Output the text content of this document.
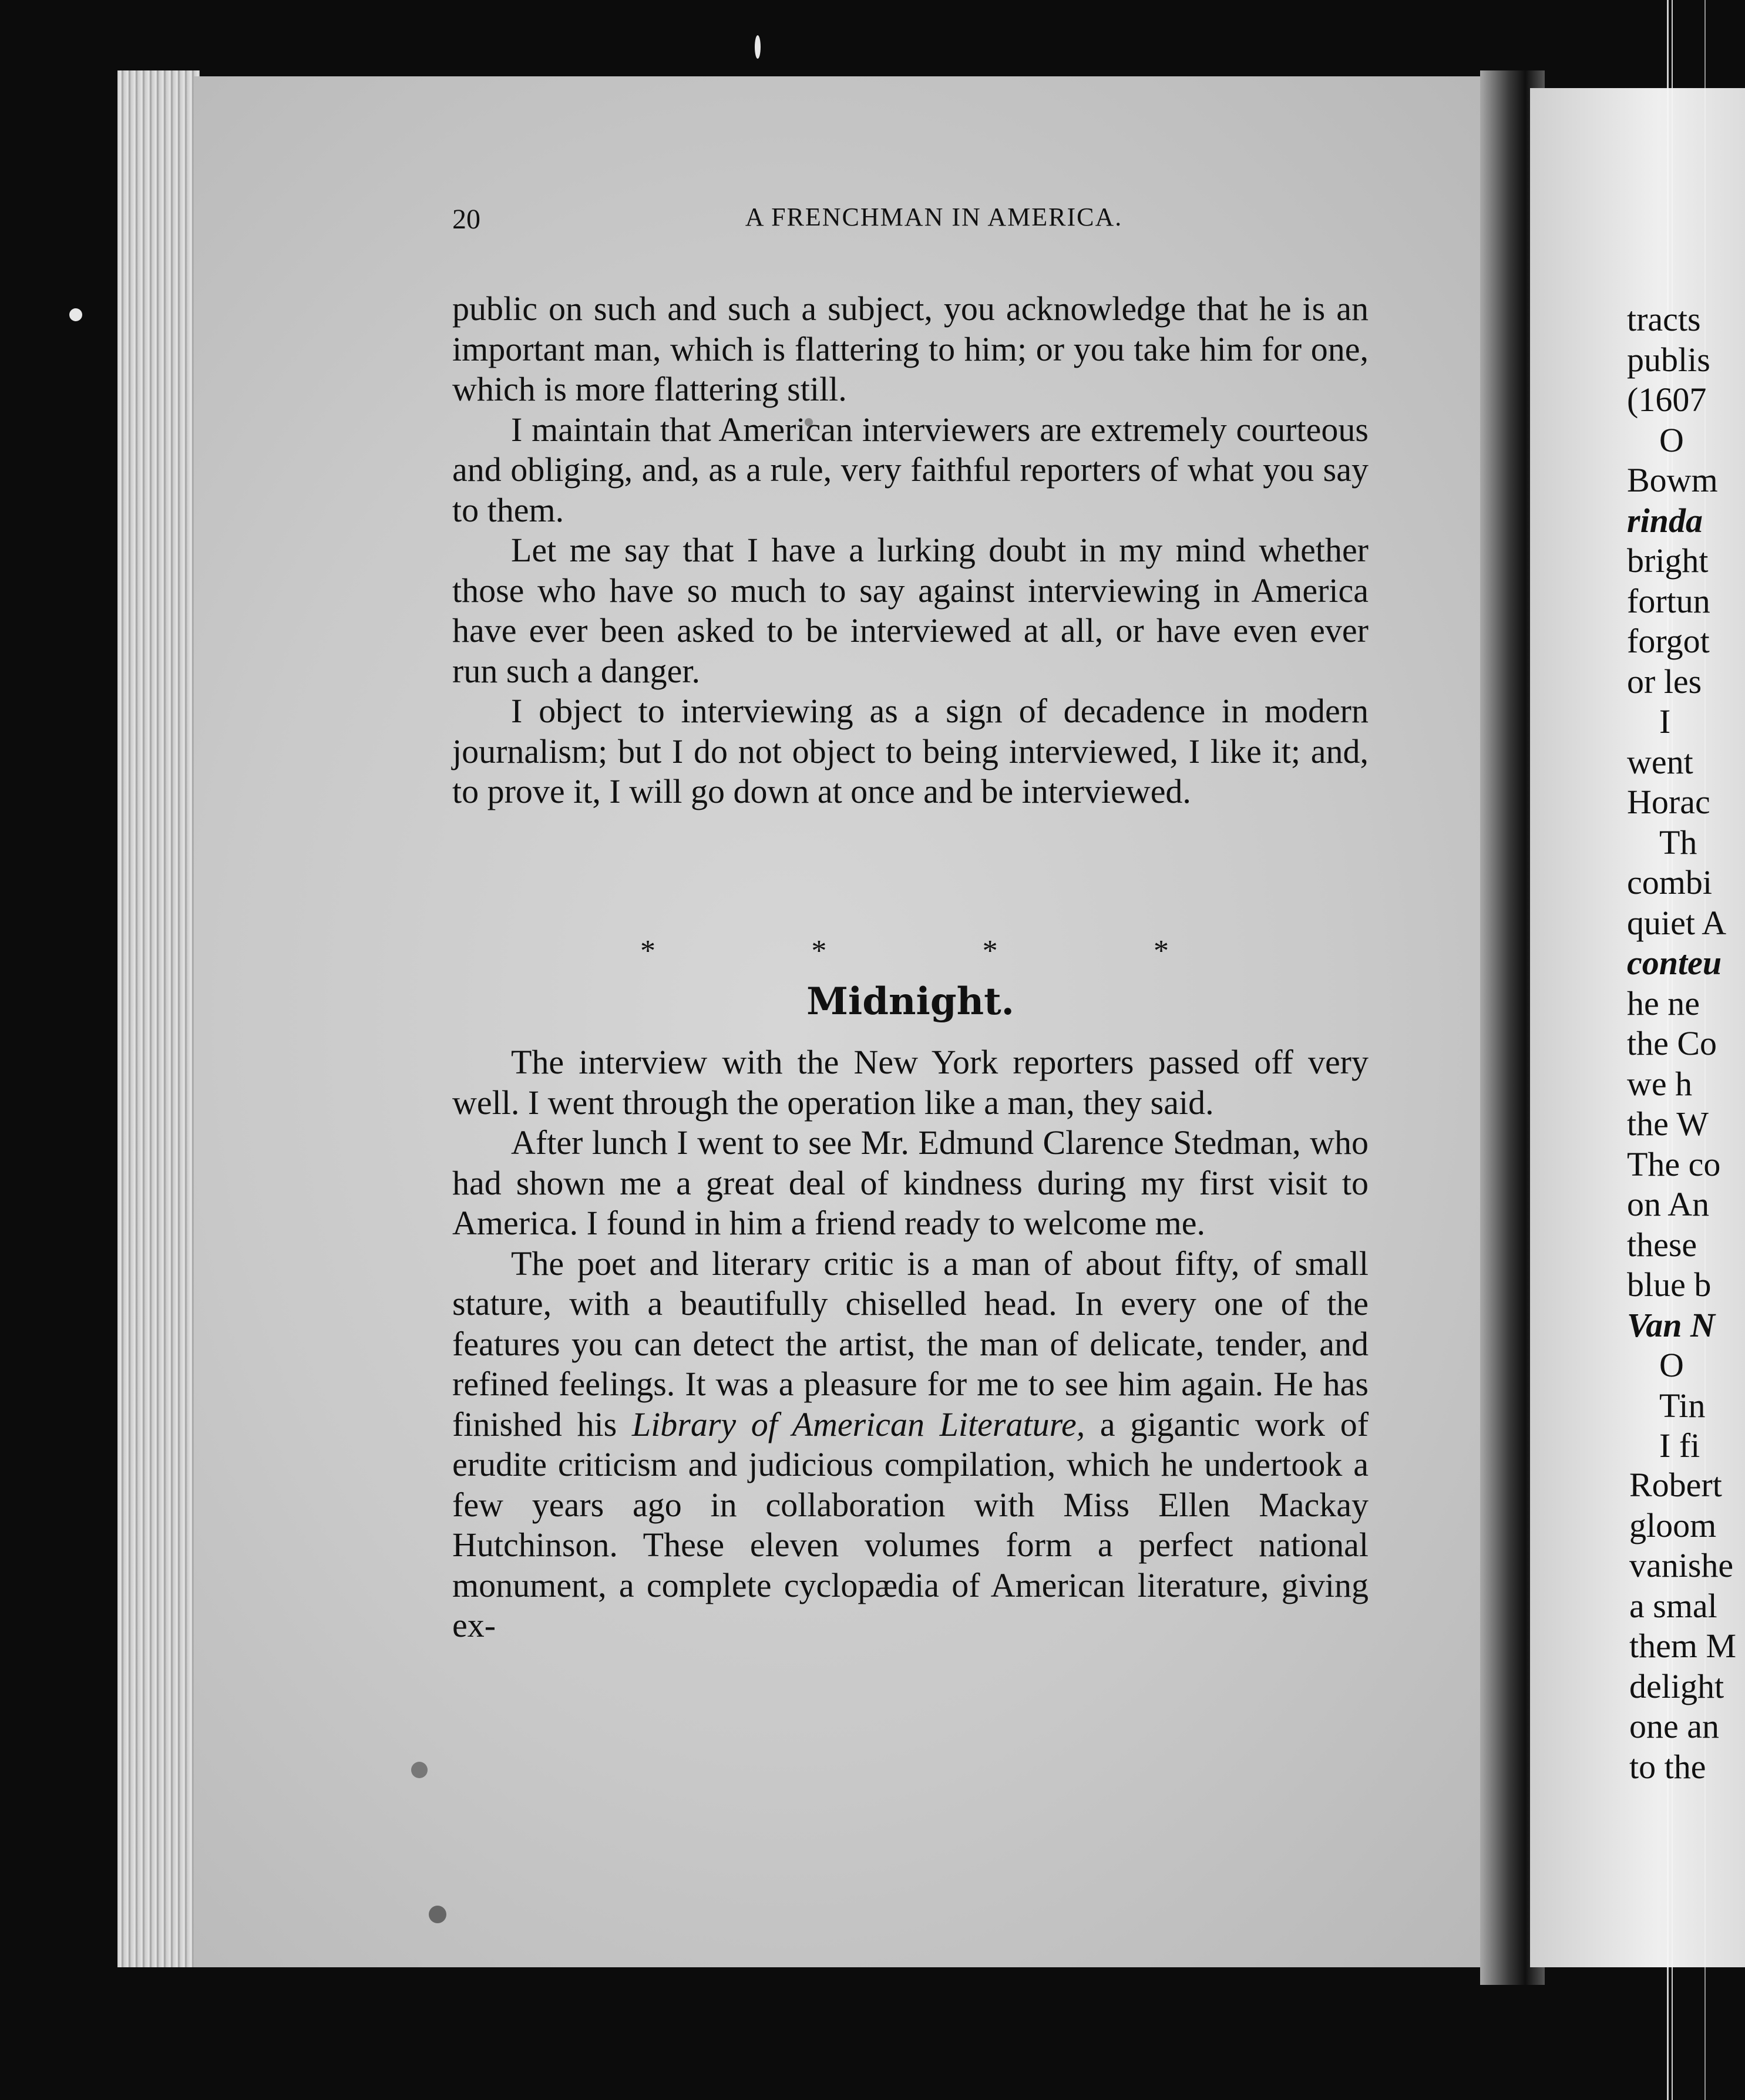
20	A FRENCHMAN IN AMERICA.

public on such and such a subject, you acknowledge that he is an important man, which is flattering to him; or you take him for one, which is more flattering still.

I maintain that American interviewers are extremely courteous and obliging, and, as a rule, very faithful reporters of what you say to them.

Let me say that I have a lurking doubt in my mind whether those who have so much to say against interviewing in America have ever been asked to be interviewed at all, or have even ever run such a danger.

I object to interviewing as a sign of decadence in modern journalism; but I do not object to being interviewed, I like it; and, to prove it, I will go down at once and be interviewed.

*	*	*	*
Midnight.

The interview with the New York reporters passed off very well. I went through the operation like a man, they said.

After lunch I went to see Mr. Edmund Clarence Stedman, who had shown me a great deal of kindness during my first visit to America. I found in him a friend ready to welcome me.

The poet and literary critic is a man of about fifty, of small stature, with a beautifully chiselled head. In every one of the features you can detect the artist, the man of delicate, tender, and refined feelings. It was a pleasure for me to see him again. He has finished his Library of American Literature, a gigantic work of erudite criticism and judicious compilation, which he undertook a few years ago in collaboration with Miss Ellen Mackay Hutchinson. These eleven volumes form a perfect national monument, a complete cyclopædia of American literature, giving ex-

tracts
publis
(1607
O
Bowm
rinda
bright
fortun
forgot
or les
I
went
Horac
Th
combi
quiet A
conteu
he ne
the Co
we h
the W
The co
on An
these
blue b
Van N
O
Tin
I fi
Robert
gloom
vanishe
a smal
them M
delight
one an
to the
